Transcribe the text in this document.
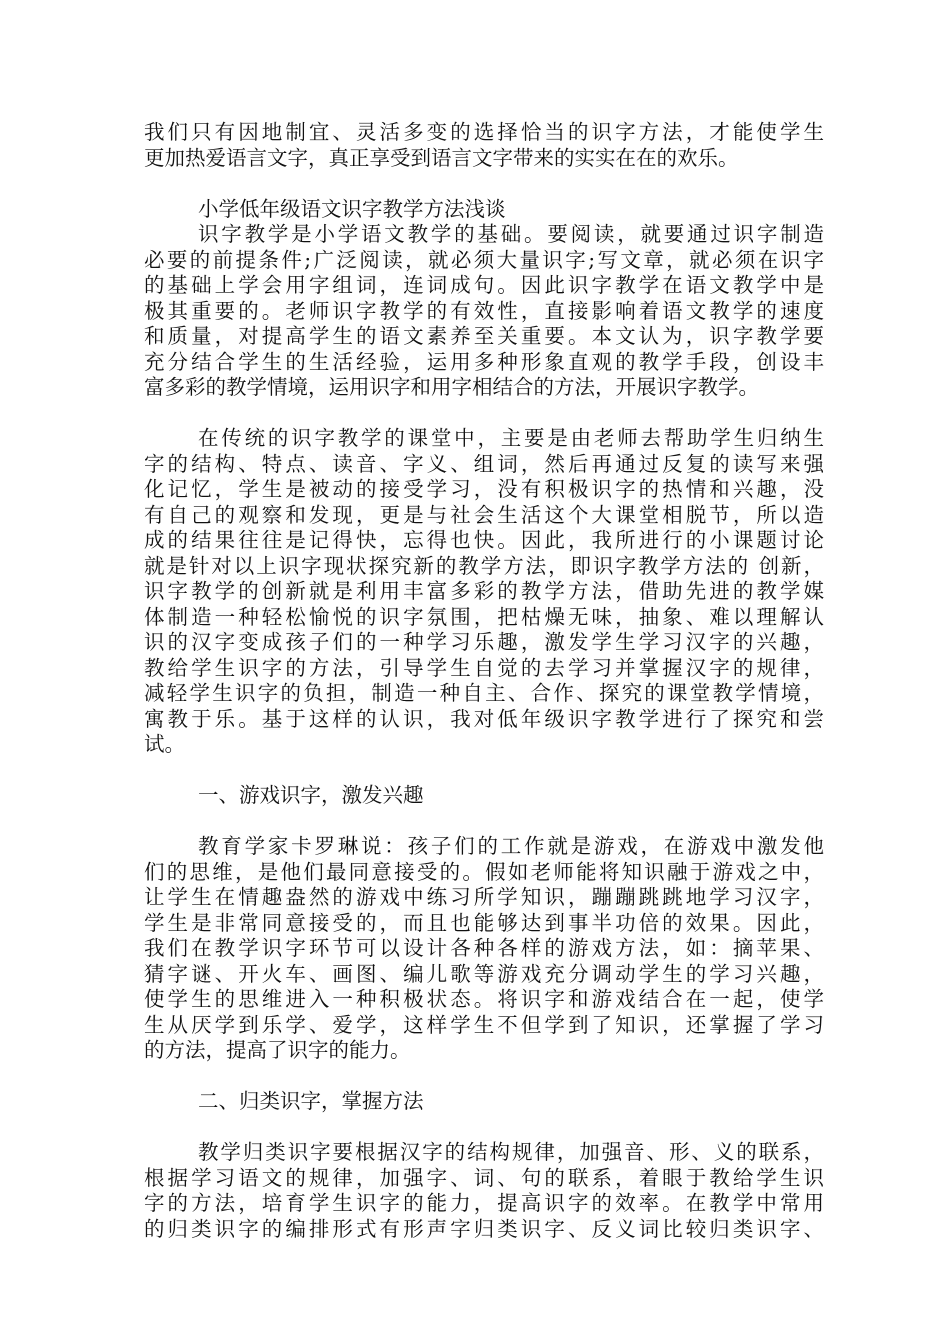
我们只有因地制宜、灵活多变的选择恰当的识字方法，才能使学生
更加热爱语言文字，真正享受到语言文字带来的实实在在的欢乐。
小学低年级语文识字教学方法浅谈
识字教学是小学语文教学的基础。要阅读，就要通过识字制造
必要的前提条件;广泛阅读，就必须大量识字;写文章，就必须在识字
的基础上学会用字组词，连词成句。因此识字教学在语文教学中是
极其重要的。老师识字教学的有效性，直接影响着语文教学的速度
和质量，对提高学生的语文素养至关重要。本文认为，识字教学要
充分结合学生的生活经验，运用多种形象直观的教学手段，创设丰
富多彩的教学情境，运用识字和用字相结合的方法，开展识字教学。
在传统的识字教学的课堂中，主要是由老师去帮助学生归纳生
字的结构、特点、读音、字义、组词，然后再通过反复的读写来强
化记忆，学生是被动的接受学习，没有积极识字的热情和兴趣，没
有自己的观察和发现，更是与社会生活这个大课堂相脱节，所以造
成的结果往往是记得快，忘得也快。因此，我所进行的小课题讨论
就是针对以上识字现状探究新的教学方法，即识字教学方法的 创新，
识字教学的创新就是利用丰富多彩的教学方法，借助先进的教学媒
体制造一种轻松愉悦的识字氛围，把枯燥无味，抽象、难以理解认
识的汉字变成孩子们的一种学习乐趣，激发学生学习汉字的兴趣，
教给学生识字的方法，引导学生自觉的去学习并掌握汉字的规律，
减轻学生识字的负担，制造一种自主、合作、探究的课堂教学情境，
寓教于乐。基于这样的认识，我对低年级识字教学进行了探究和尝
试。
一、游戏识字，激发兴趣
教育学家卡罗琳说：孩子们的工作就是游戏，在游戏中激发他
们的思维，是他们最同意接受的。假如老师能将知识融于游戏之中，
让学生在情趣盎然的游戏中练习所学知识，蹦蹦跳跳地学习汉字，
学生是非常同意接受的，而且也能够达到事半功倍的效果。因此，
我们在教学识字环节可以设计各种各样的游戏方法，如：摘苹果、
猜字谜、开火车、画图、编儿歌等游戏充分调动学生的学习兴趣，
使学生的思维进入一种积极状态。将识字和游戏结合在一起，使学
生从厌学到乐学、爱学，这样学生不但学到了知识，还掌握了学习
的方法，提高了识字的能力。
二、归类识字，掌握方法
教学归类识字要根据汉字的结构规律，加强音、形、义的联系，
根据学习语文的规律，加强字、词、句的联系，着眼于教给学生识
字的方法，培育学生识字的能力，提高识字的效率。在教学中常用
的归类识字的编排形式有形声字归类识字、反义词比较归类识字、
